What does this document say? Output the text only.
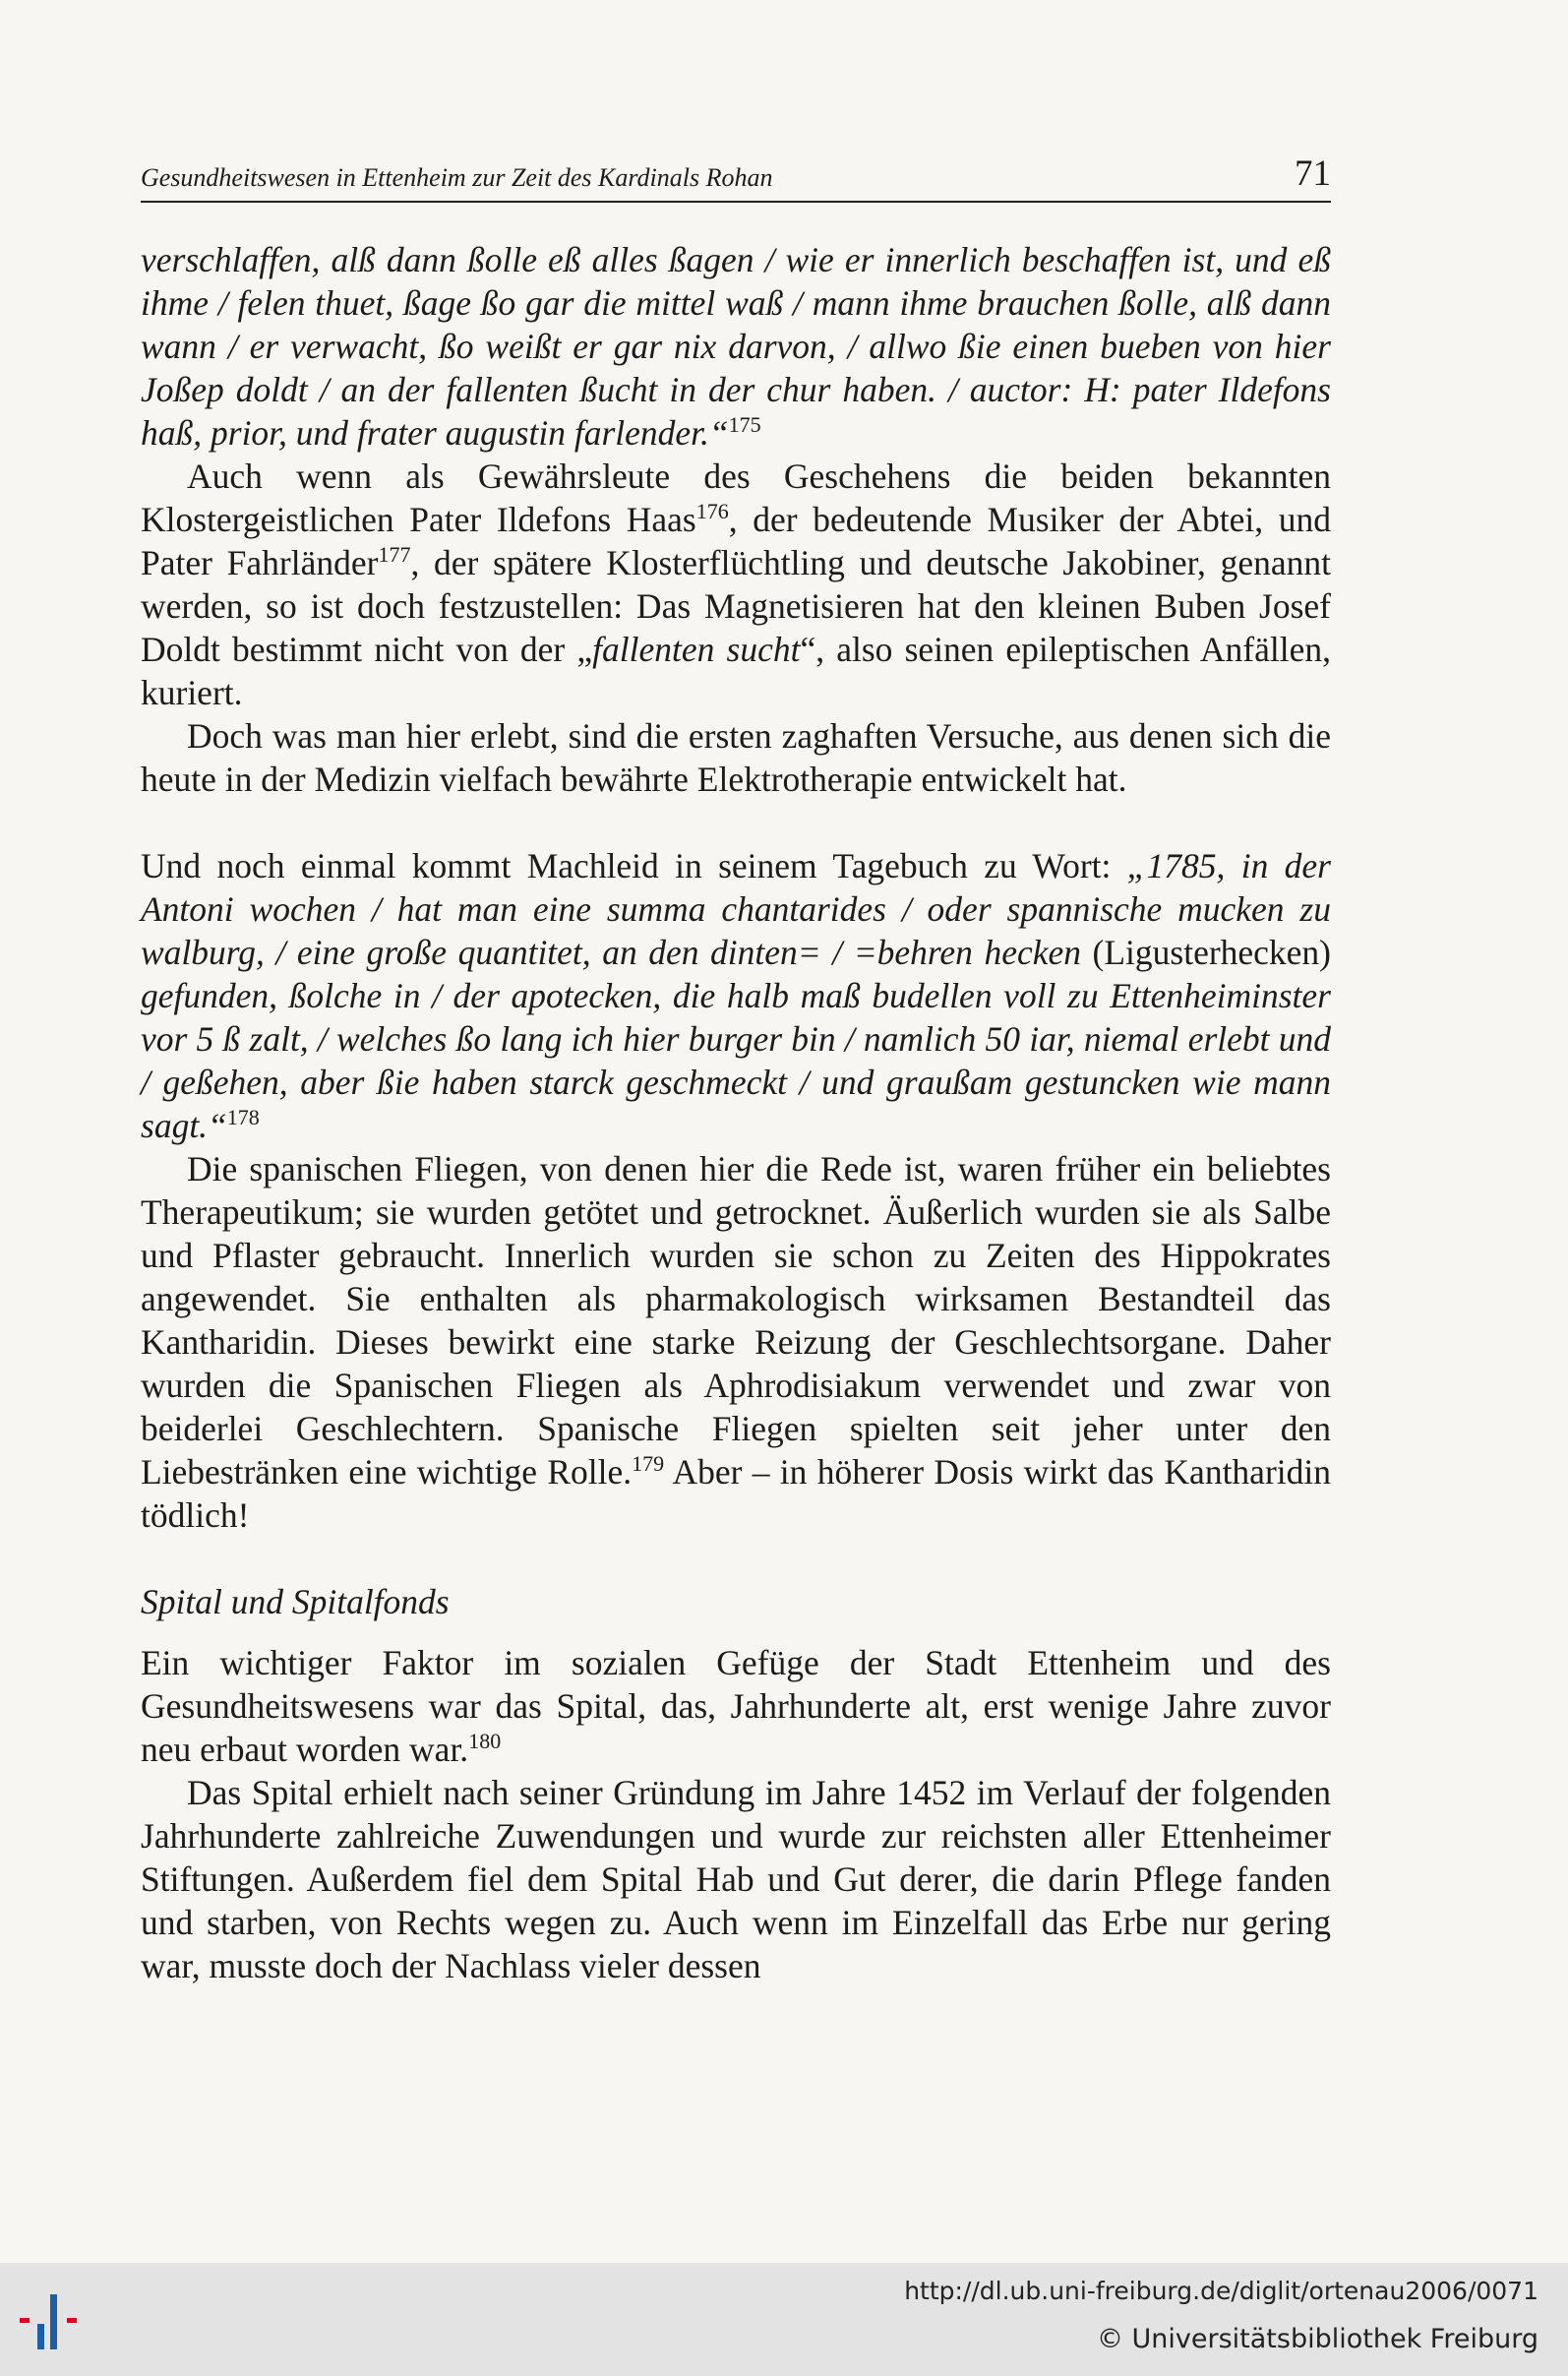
Gesundheitswesen in Ettenheim zur Zeit des Kardinals Rohan	71

verschlaffen, alß dann ßolle eß alles ßagen / wie er innerlich beschaffen ist, und eß ihme / felen thuet, ßage ßo gar die mittel waß / mann ihme brauchen ßolle, alß dann wann / er verwacht, ßo weißt er gar nix darvon, / allwo ßie einen bueben von hier Joßep doldt / an der fallenten ßucht in der chur haben. / auctor: H: pater Ildefons haß, prior, und frater augustin farlender.“$^{175}$

Auch wenn als Gewährsleute des Geschehens die beiden bekannten Klostergeistlichen Pater Ildefons Haas$^{176}$, der bedeutende Musiker der Abtei, und Pater Fahrländer$^{177}$, der spätere Klosterflüchtling und deutsche Jakobiner, genannt werden, so ist doch festzustellen: Das Magnetisieren hat den kleinen Buben Josef Doldt bestimmt nicht von der „fallenten sucht“, also seinen epileptischen Anfällen, kuriert.

Doch was man hier erlebt, sind die ersten zaghaften Versuche, aus denen sich die heute in der Medizin vielfach bewährte Elektrotherapie entwickelt hat.

Und noch einmal kommt Machleid in seinem Tagebuch zu Wort: „1785, in der Antoni wochen / hat man eine summa chantarides / oder spannische mucken zu walburg, / eine große quantitet, an den dinten= / =behren hecken (Ligusterhecken) gefunden, ßolche in / der apotecken, die halb maß budellen voll zu Ettenheiminster vor 5 ß zalt, / welches ßo lang ich hier burger bin / namlich 50 iar, niemal erlebt und / geßehen, aber ßie haben starck geschmeckt / und graußam gestuncken wie mann sagt.“$^{178}$

Die spanischen Fliegen, von denen hier die Rede ist, waren früher ein beliebtes Therapeutikum; sie wurden getötet und getrocknet. Äußerlich wurden sie als Salbe und Pflaster gebraucht. Innerlich wurden sie schon zu Zeiten des Hippokrates angewendet. Sie enthalten als pharmakologisch wirksamen Bestandteil das Kantharidin. Dieses bewirkt eine starke Reizung der Geschlechtsorgane. Daher wurden die Spanischen Fliegen als Aphrodisiakum verwendet und zwar von beiderlei Geschlechtern. Spanische Fliegen spielten seit jeher unter den Liebestränken eine wichtige Rolle.$^{179}$ Aber – in höherer Dosis wirkt das Kantharidin tödlich!

Spital und Spitalfonds

Ein wichtiger Faktor im sozialen Gefüge der Stadt Ettenheim und des Gesundheitswesens war das Spital, das, Jahrhunderte alt, erst wenige Jahre zuvor neu erbaut worden war.$^{180}$

Das Spital erhielt nach seiner Gründung im Jahre 1452 im Verlauf der folgenden Jahrhunderte zahlreiche Zuwendungen und wurde zur reichsten aller Ettenheimer Stiftungen. Außerdem fiel dem Spital Hab und Gut derer, die darin Pflege fanden und starben, von Rechts wegen zu. Auch wenn im Einzelfall das Erbe nur gering war, musste doch der Nachlass vieler dessen

http://dl.ub.uni-freiburg.de/diglit/ortenau2006/0071
© Universitätsbibliothek Freiburg
